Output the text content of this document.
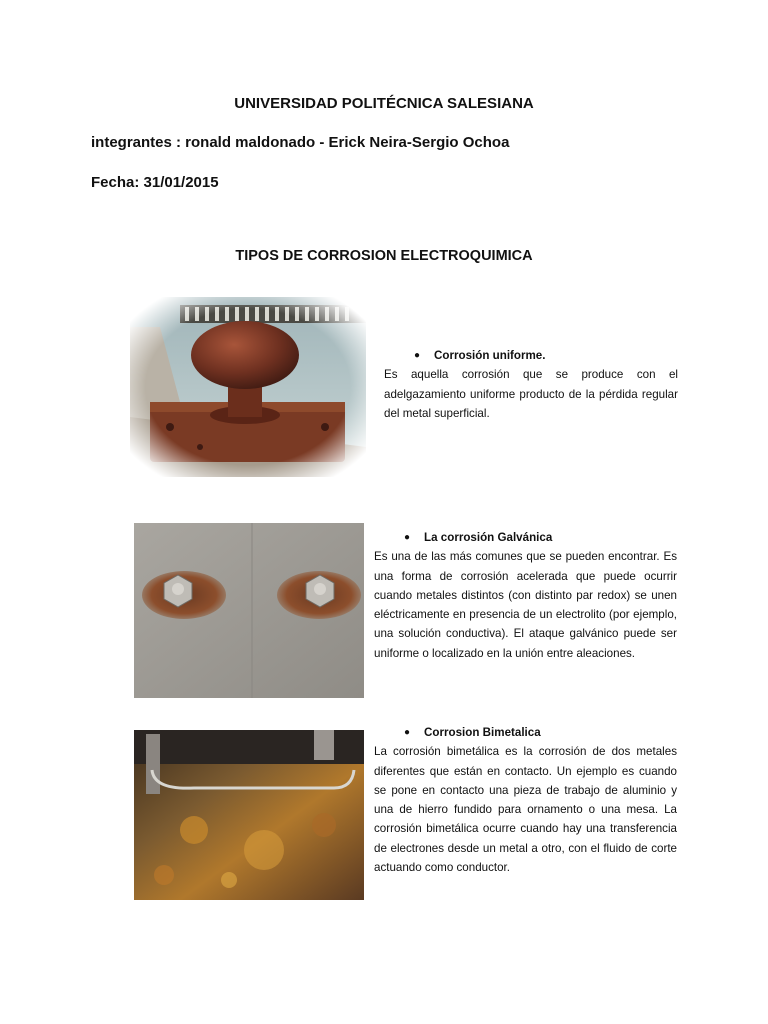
UNIVERSIDAD POLITÉCNICA SALESIANA
integrantes : ronald maldonado - Erick Neira-Sergio Ochoa
Fecha: 31/01/2015
TIPOS DE CORROSION ELECTROQUIMICA
● Corrosión uniforme.
Es aquella corrosión que se produce con el adelgazamiento uniforme producto de la pérdida regular del metal superficial.
● La corrosión Galvánica
Es una de las más comunes que se pueden encontrar. Es una forma de corrosión acelerada que puede ocurrir cuando metales distintos (con distinto par redox) se unen eléctricamente en presencia de un electrolito (por ejemplo, una solución conductiva). El ataque galvánico puede ser uniforme o localizado en la unión entre aleaciones.
● Corrosion Bimetalica
La corrosión bimetálica es la corrosión de dos metales diferentes que están en contacto. Un ejemplo es cuando se pone en contacto una pieza de trabajo de aluminio y una de hierro fundido para ornamento o una mesa. La corrosión bimetálica ocurre cuando hay una transferencia de electrones desde un metal a otro, con el fluido de corte actuando como conductor.
